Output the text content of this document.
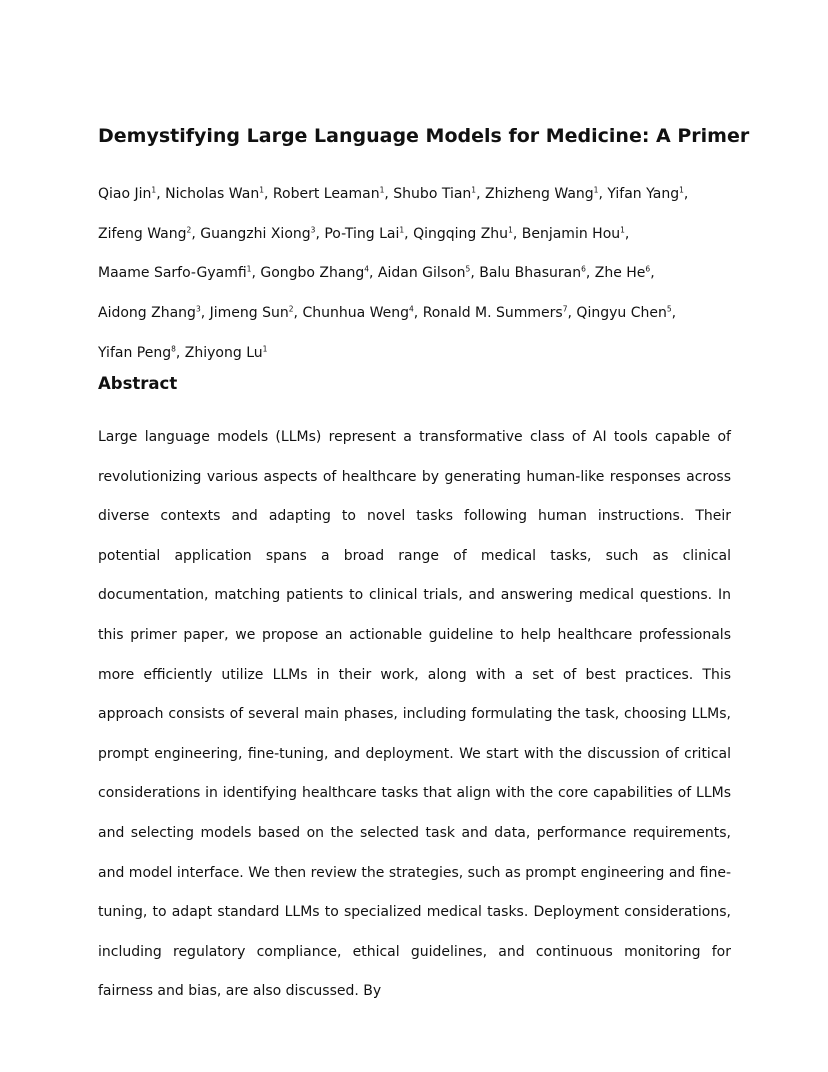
Demystifying Large Language Models for Medicine: A Primer
Qiao Jin$^1$, Nicholas Wan$^1$, Robert Leaman$^1$, Shubo Tian$^1$, Zhizheng Wang$^1$, Yifan Yang$^1$, Zifeng Wang$^2$, Guangzhi Xiong$^3$, Po-Ting Lai$^1$, Qingqing Zhu$^1$, Benjamin Hou$^1$, Maame Sarfo-Gyamfi$^1$, Gongbo Zhang$^4$, Aidan Gilson$^5$, Balu Bhasuran$^6$, Zhe He$^6$, Aidong Zhang$^3$, Jimeng Sun$^2$, Chunhua Weng$^4$, Ronald M. Summers$^7$, Qingyu Chen$^5$, Yifan Peng$^8$, Zhiyong Lu$^1$
Abstract
Large language models (LLMs) represent a transformative class of AI tools capable of revolutionizing various aspects of healthcare by generating human-like responses across diverse contexts and adapting to novel tasks following human instructions. Their potential application spans a broad range of medical tasks, such as clinical documentation, matching patients to clinical trials, and answering medical questions. In this primer paper, we propose an actionable guideline to help healthcare professionals more efficiently utilize LLMs in their work, along with a set of best practices. This approach consists of several main phases, including formulating the task, choosing LLMs, prompt engineering, fine-tuning, and deployment. We start with the discussion of critical considerations in identifying healthcare tasks that align with the core capabilities of LLMs and selecting models based on the selected task and data, performance requirements, and model interface. We then review the strategies, such as prompt engineering and fine-tuning, to adapt standard LLMs to specialized medical tasks. Deployment considerations, including regulatory compliance, ethical guidelines, and continuous monitoring for fairness and bias, are also discussed. By
